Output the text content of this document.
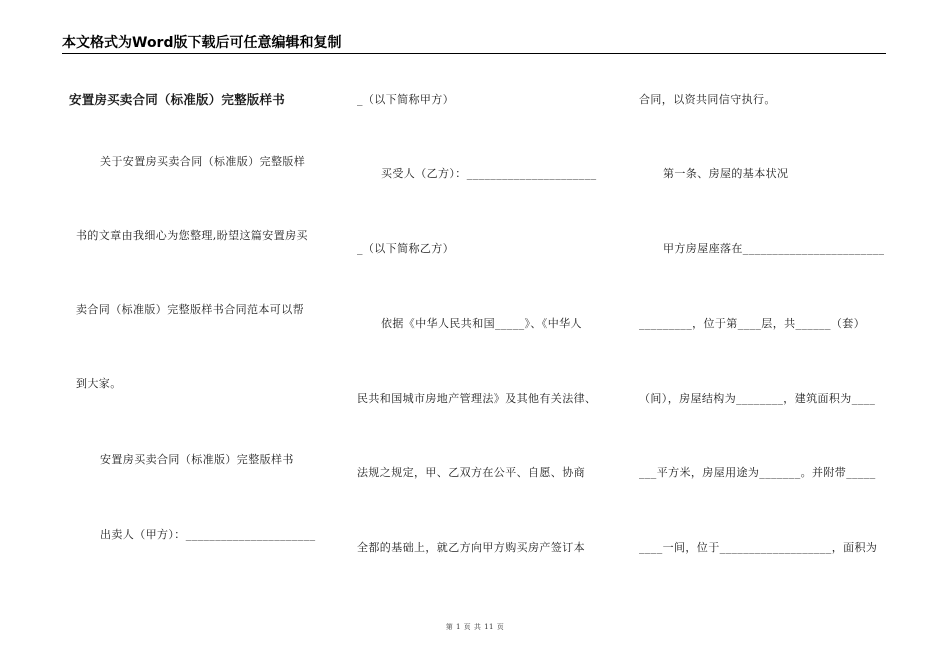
本文格式为Word版下载后可任意编辑和复制
安置房买卖合同（标准版）完整版样书
关于安置房买卖合同（标准版）完整版样
书的文章由我细心为您整理,盼望这篇安置房买
卖合同（标准版）完整版样书合同范本可以帮
到大家。
安置房买卖合同（标准版）完整版样书
出卖人（甲方）：______________________
_（以下简称甲方）
买受人（乙方）：______________________
_（以下简称乙方）
依据《中华人民共和国_____》、《中华人
民共和国城市房地产管理法》及其他有关法律、
法规之规定，甲、乙双方在公平、自愿、协商
全都的基础上，就乙方向甲方购买房产签订本
合同，以资共同信守执行。
第一条、房屋的基本状况
甲方房屋座落在________________________
_________，位于第____层，共______（套）
（间），房屋结构为________，建筑面积为____
___平方米，房屋用途为_______。并附带_____
____一间，位于___________________，面积为
第 1 页 共 11 页
